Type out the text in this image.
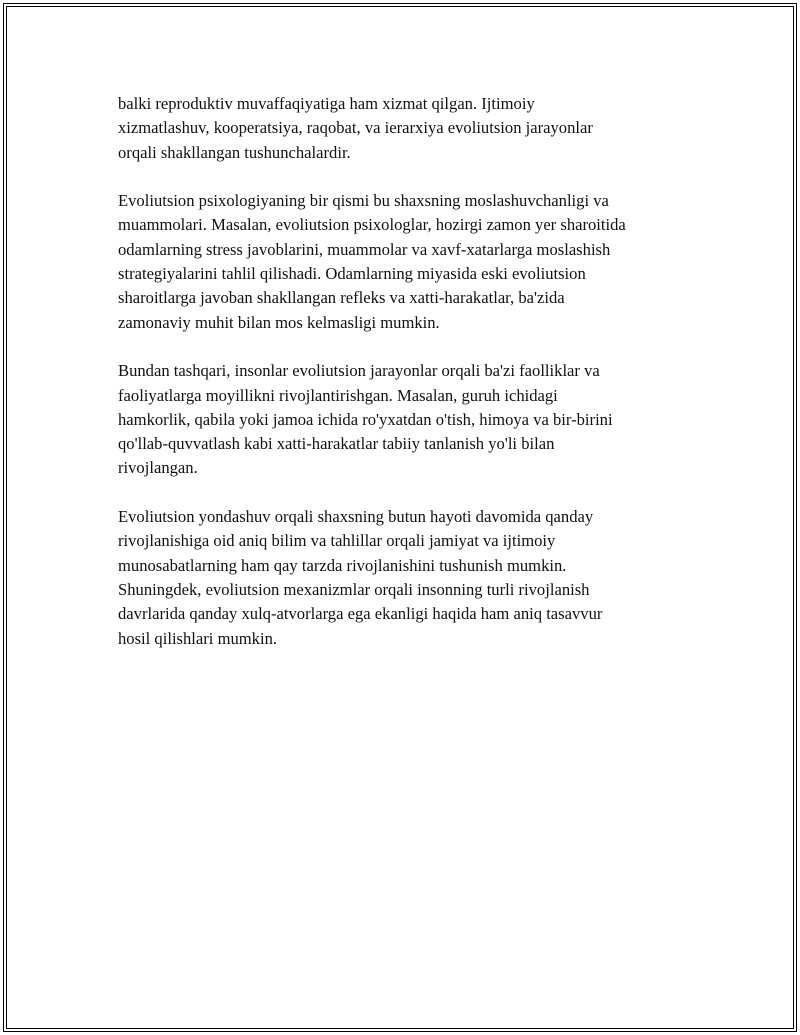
balki reproduktiv muvaffaqiyatiga ham xizmat qilgan. Ijtimoiy
xizmatlashuv, kooperatsiya, raqobat, va ierarxiya evoliutsion jarayonlar
orqali shakllangan tushunchalardir.

Evoliutsion psixologiyaning bir qismi bu shaxsning moslashuvchanligi va
muammolari. Masalan, evoliutsion psixologlar, hozirgi zamon yer sharoitida
odamlarning stress javoblarini, muammolar va xavf-xatarlarga moslashish
strategiyalarini tahlil qilishadi. Odamlarning miyasida eski evoliutsion
sharoitlarga javoban shakllangan refleks va xatti-harakatlar, ba'zida
zamonaviy muhit bilan mos kelmasligi mumkin.

Bundan tashqari, insonlar evoliutsion jarayonlar orqali ba'zi faolliklar va
faoliyatlarga moyillikni rivojlantirishgan. Masalan, guruh ichidagi
hamkorlik, qabila yoki jamoa ichida ro'yxatdan o'tish, himoya va bir-birini
qo'llab-quvvatlash kabi xatti-harakatlar tabiiy tanlanish yo'li bilan
rivojlangan.

Evoliutsion yondashuv orqali shaxsning butun hayoti davomida qanday
rivojlanishiga oid aniq bilim va tahlillar orqali jamiyat va ijtimoiy
munosabatlarning ham qay tarzda rivojlanishini tushunish mumkin.
Shuningdek, evoliutsion mexanizmlar orqali insonning turli rivojlanish
davrlarida qanday xulq-atvorlarga ega ekanligi haqida ham aniq tasavvur
hosil qilishlari mumkin.
